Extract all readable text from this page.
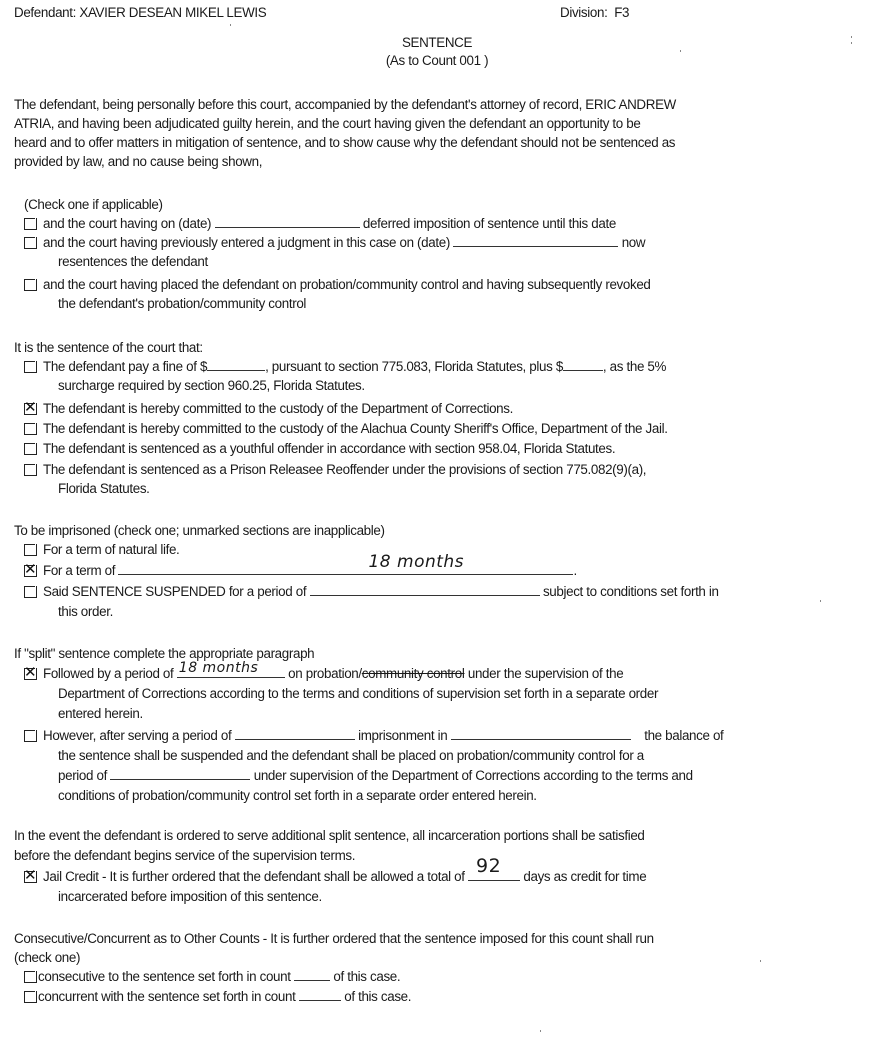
Defendant: XAVIER DESEAN MIKEL LEWIS	Division: F3
SENTENCE
(As to Count 001 )
The defendant, being personally before this court, accompanied by the defendant's attorney of record, ERIC ANDREW
ATRIA, and having been adjudicated guilty herein, and the court having given the defendant an opportunity to be
heard and to offer matters in mitigation of sentence, and to show cause why the defendant should not be sentenced as
provided by law, and no cause being shown,
(Check one if applicable)
and the court having on (date)	deferred imposition of sentence until this date
and the court having previously entered a judgment in this case on (date)	now
resentences the defendant
and the court having placed the defendant on probation/community control and having subsequently revoked
the defendant's probation/community control
It is the sentence of the court that:
The defendant pay a fine of $	, pursuant to section 775.083, Florida Statutes, plus $	, as the 5%
surcharge required by section 960.25, Florida Statutes.
✕The defendant is hereby committed to the custody of the Department of Corrections.
The defendant is hereby committed to the custody of the Alachua County Sheriff's Office, Department of the Jail.
The defendant is sentenced as a youthful offender in accordance with section 958.04, Florida Statutes.
The defendant is sentenced as a Prison Releasee Reoffender under the provisions of section 775.082(9)(a),
Florida Statutes.
To be imprisoned (check one; unmarked sections are inapplicable)
For a term of natural life.
✕For a term of	18 months	.
Said SENTENCE SUSPENDED for a period of	subject to conditions set forth in
this order.
If "split" sentence complete the appropriate paragraph
✕Followed by a period of 18 months on probation/community control under the supervision of the
Department of Corrections according to the terms and conditions of supervision set forth in a separate order
entered herein.
However, after serving a period of	imprisonment in	the balance of
the sentence shall be suspended and the defendant shall be placed on probation/community control for a
period of	under supervision of the Department of Corrections according to the terms and
conditions of probation/community control set forth in a separate order entered herein.
In the event the defendant is ordered to serve additional split sentence, all incarceration portions shall be satisfied
before the defendant begins service of the supervision terms.
✕Jail Credit - It is further ordered that the defendant shall be allowed a total of 92 days as credit for time
incarcerated before imposition of this sentence.
Consecutive/Concurrent as to Other Counts - It is further ordered that the sentence imposed for this count shall run
(check one)
consecutive to the sentence set forth in count	of this case.
concurrent with the sentence set forth in count	of this case.
